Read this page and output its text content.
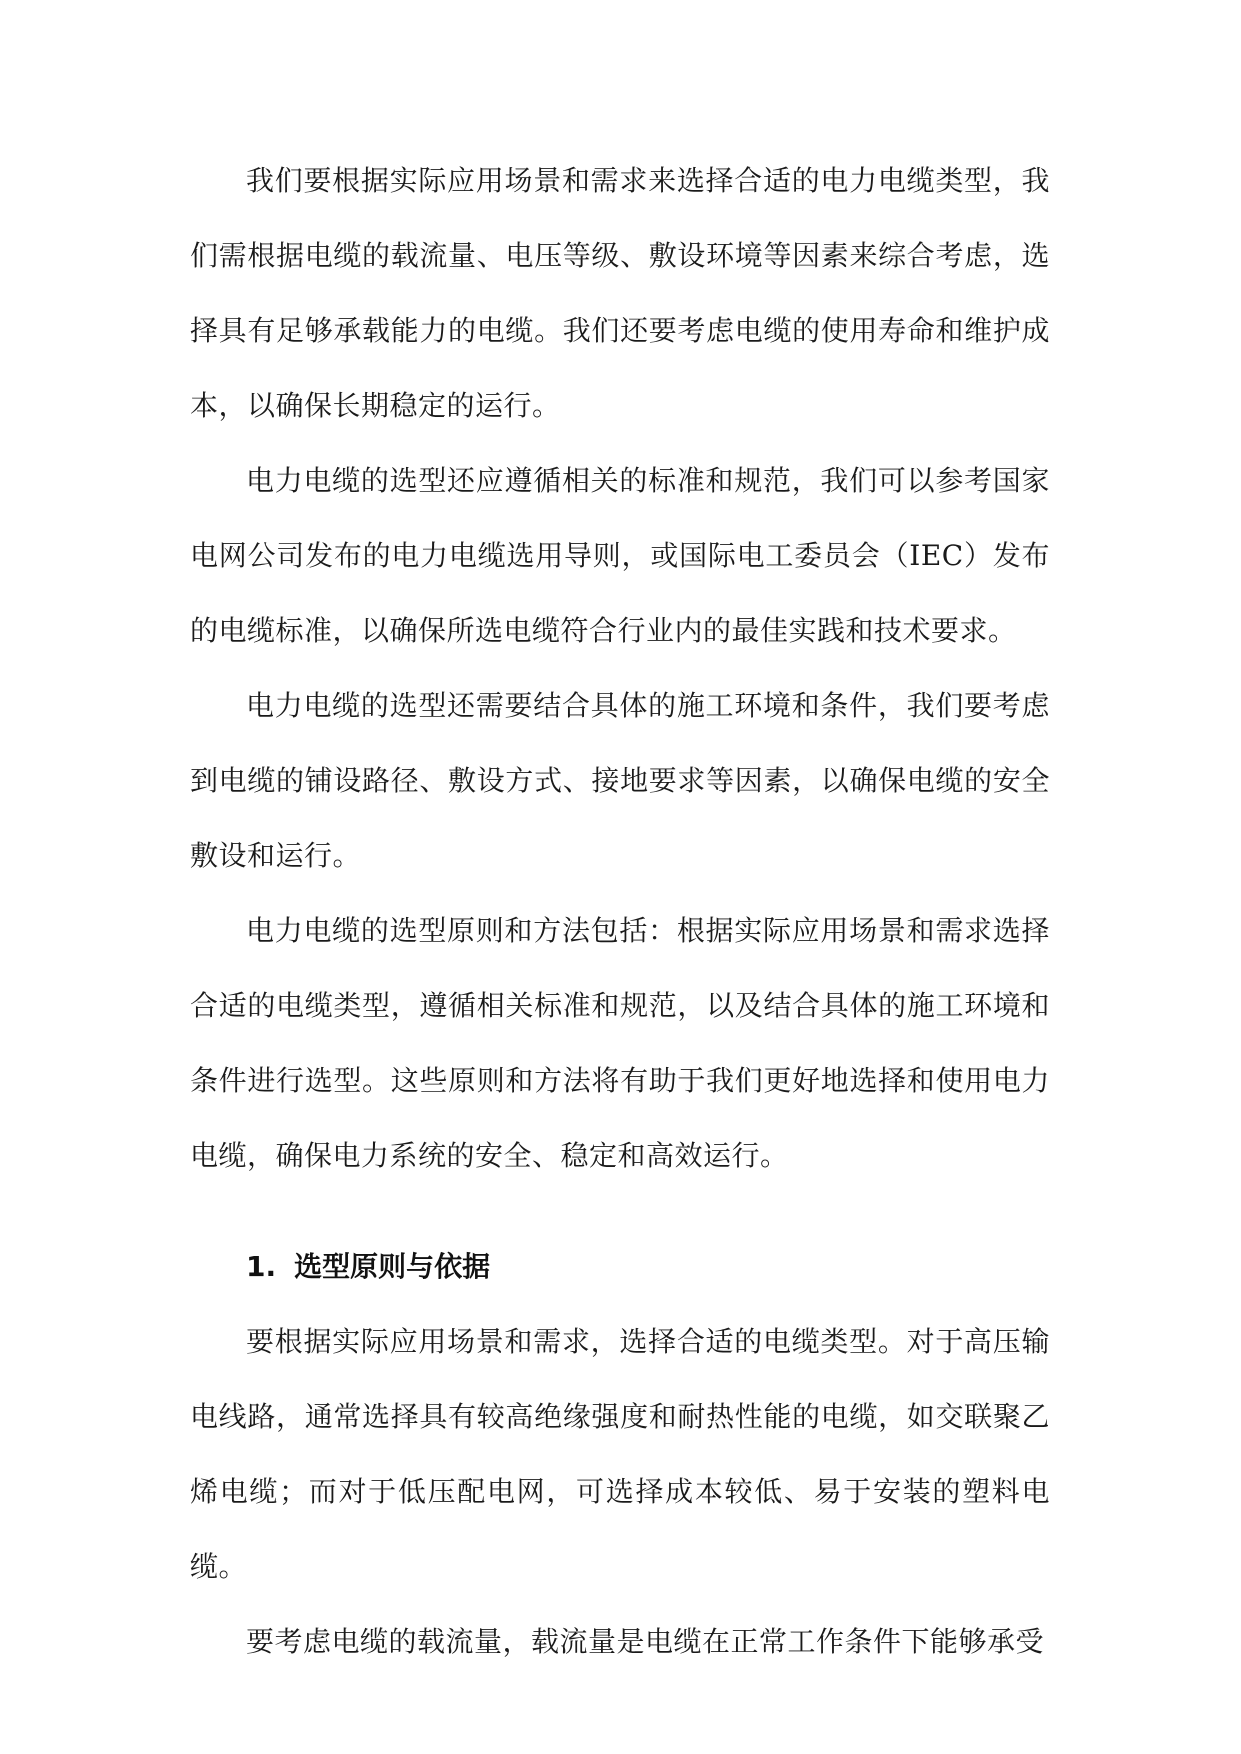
我们要根据实际应用场景和需求来选择合适的电力电缆类型，我们需根据电缆的载流量、电压等级、敷设环境等因素来综合考虑，选择具有足够承载能力的电缆。我们还要考虑电缆的使用寿命和维护成本，以确保长期稳定的运行。

电力电缆的选型还应遵循相关的标准和规范，我们可以参考国家电网公司发布的电力电缆选用导则，或国际电工委员会（IEC）发布的电缆标准，以确保所选电缆符合行业内的最佳实践和技术要求。

电力电缆的选型还需要结合具体的施工环境和条件，我们要考虑到电缆的铺设路径、敷设方式、接地要求等因素，以确保电缆的安全敷设和运行。

电力电缆的选型原则和方法包括：根据实际应用场景和需求选择合适的电缆类型，遵循相关标准和规范，以及结合具体的施工环境和条件进行选型。这些原则和方法将有助于我们更好地选择和使用电力电缆，确保电力系统的安全、稳定和高效运行。

1. 选型原则与依据

要根据实际应用场景和需求，选择合适的电缆类型。对于高压输电线路，通常选择具有较高绝缘强度和耐热性能的电缆，如交联聚乙烯电缆；而对于低压配电网，可选择成本较低、易于安装的塑料电缆。

要考虑电缆的载流量，载流量是电缆在正常工作条件下能够承受
